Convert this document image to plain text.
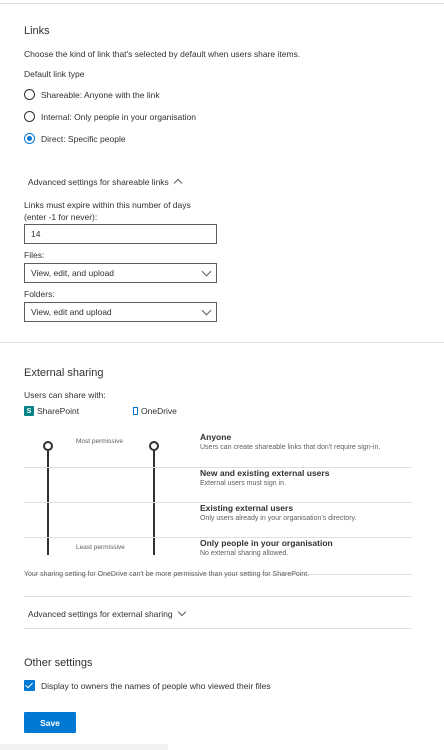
Links
Choose the kind of link that's selected by default when users share items.
Default link type
Shareable: Anyone with the link
Internal: Only people in your organisation
Direct: Specific people
Advanced settings for shareable links
Links must expire within this number of days
(enter -1 for never):
14
Files:
View, edit, and upload
Folders:
View, edit and upload
External sharing
Users can share with:
S SharePoint	OneDrive
Most permissive
Least permissive
Anyone
Users can create shareable links that don't require sign-in.
New and existing external users
External users must sign in.
Existing external users
Only users already in your organisation's directory.
Only people in your organisation
No external sharing allowed.
Your sharing setting for OneDrive can't be more permissive than your setting for SharePoint.
Advanced settings for external sharing
Other settings
Display to owners the names of people who viewed their files
Save
